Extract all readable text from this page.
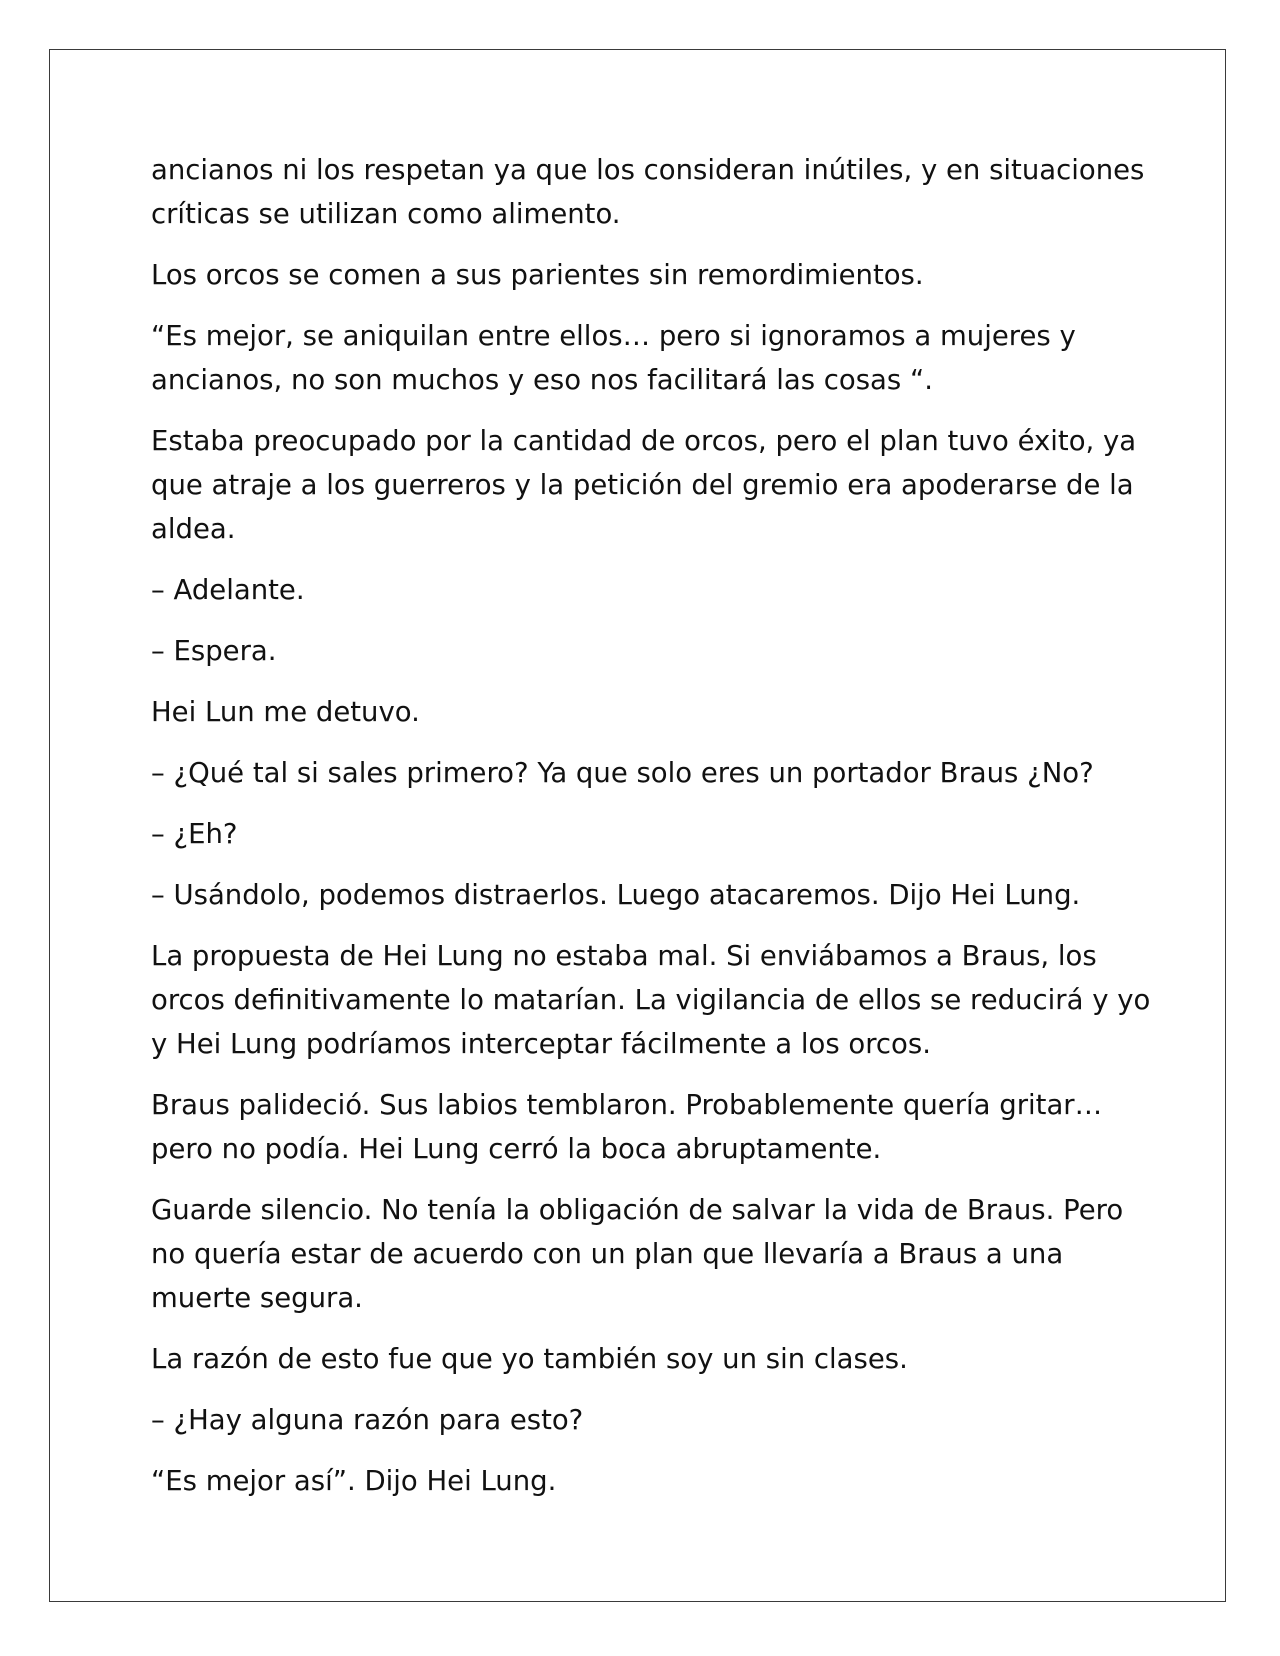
ancianos ni los respetan ya que los consideran inútiles, y en situaciones críticas se utilizan como alimento.

Los orcos se comen a sus parientes sin remordimientos.

“Es mejor, se aniquilan entre ellos… pero si ignoramos a mujeres y ancianos, no son muchos y eso nos facilitará las cosas “.

Estaba preocupado por la cantidad de orcos, pero el plan tuvo éxito, ya que atraje a los guerreros y la petición del gremio era apoderarse de la aldea.

– Adelante.

– Espera.

Hei Lun me detuvo.

– ¿Qué tal si sales primero? Ya que solo eres un portador Braus ¿No?

– ¿Eh?

– Usándolo, podemos distraerlos. Luego atacaremos. Dijo Hei Lung.

La propuesta de Hei Lung no estaba mal. Si enviábamos a Braus, los orcos definitivamente lo matarían. La vigilancia de ellos se reducirá y yo y Hei Lung podríamos interceptar fácilmente a los orcos.

Braus palideció. Sus labios temblaron. Probablemente quería gritar… pero no podía. Hei Lung cerró la boca abruptamente.

Guarde silencio. No tenía la obligación de salvar la vida de Braus. Pero no quería estar de acuerdo con un plan que llevaría a Braus a una muerte segura.

La razón de esto fue que yo también soy un sin clases.

– ¿Hay alguna razón para esto?

“Es mejor así”. Dijo Hei Lung.
